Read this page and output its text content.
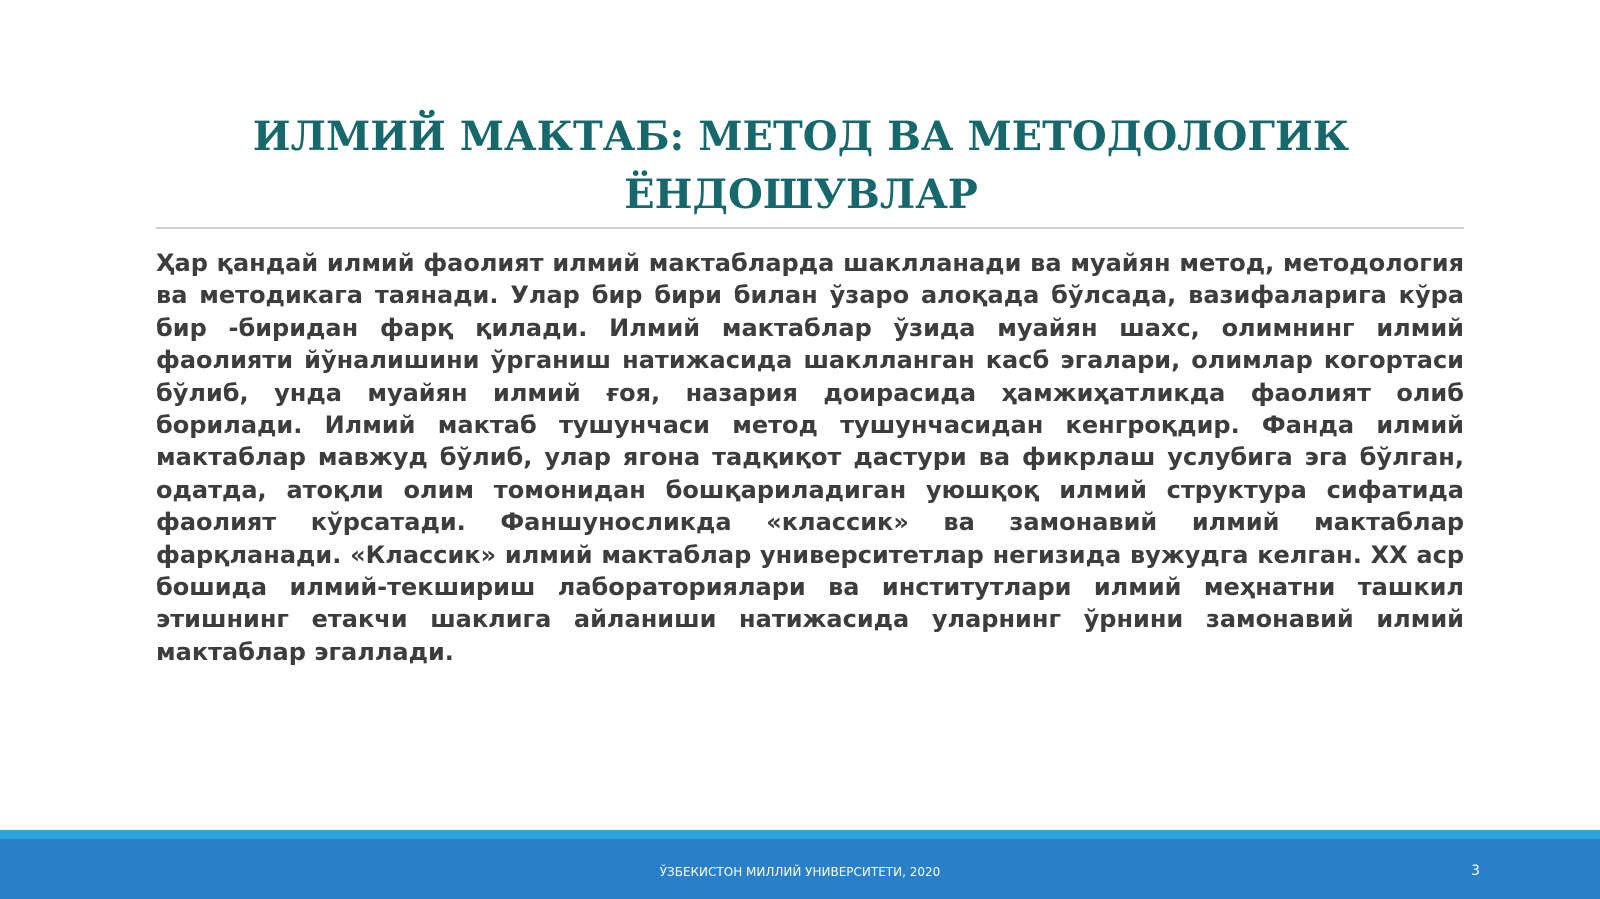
ИЛМИЙ МАКТАБ: МЕТОД ВА МЕТОДОЛОГИК
ЁНДОШУВЛАР

Ҳар қандай илмий фаолият илмий мактабларда шаклланади ва муайян метод, методология ва методикага таянади. Улар бир бири билан ўзаро алоқада бўлсада, вазифаларига кўра бир -биридан фарқ қилади. Илмий мактаблар ўзида муайян шахс, олимнинг илмий фаолияти йўналишини ўрганиш натижасида шаклланган касб эгалари, олимлар когортаси бўлиб, унда муайян илмий ғоя, назария доирасида ҳамжиҳатликда фаолият олиб борилади. Илмий мактаб тушунчаси метод тушунчасидан кенгроқдир. Фанда илмий мактаблар мавжуд бўлиб, улар ягона тадқиқот дастури ва фикрлаш услубига эга бўлган, одатда, атоқли олим томонидан бошқариладиган уюшқоқ илмий структура сифатида фаолият кўрсатади. Фаншуносликда «классик» ва замонавий илмий мактаблар фарқланади. «Классик» илмий мактаблар университетлар негизида вужудга келган. XX аср бошида илмий-текшириш лабораториялари ва институтлари илмий меҳнатни ташкил этишнинг етакчи шаклига айланиши натижасида уларнинг ўрнини замонавий илмий мактаблар эгаллади.

ЎЗБЕКИСТОН МИЛЛИЙ УНИВЕРСИТЕТИ, 2020	3
